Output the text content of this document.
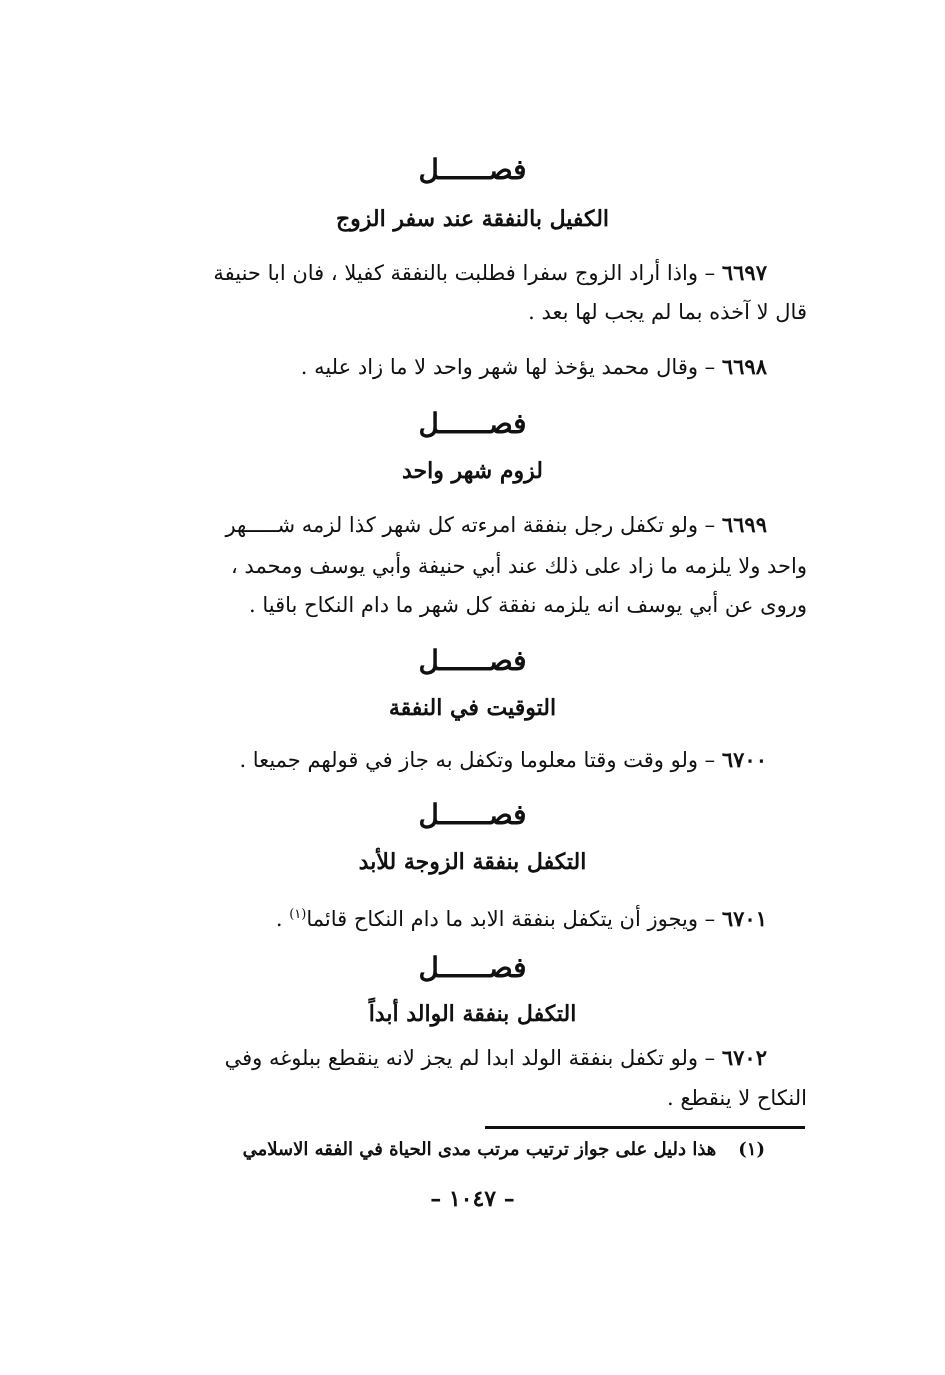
فصــــــل
الكفيل بالنفقة عند سفر الزوج
٦٦٩٧ – واذا أراد الزوج سفرا فطلبت بالنفقة كفيلا ، فان ابا حنيفة
قال لا آخذه بما لم يجب لها بعد .
٦٦٩٨ – وقال محمد يؤخذ لها شهر واحد لا ما زاد عليه .
فصــــــل
لزوم شهر واحد
٦٦٩٩ – ولو تكفل رجل بنفقة امرءته كل شهر كذا لزمه شـــــهر
واحد ولا يلزمه ما زاد على ذلك عند أبي حنيفة وأبي يوسف ومحمد ،
وروى عن أبي يوسف انه يلزمه نفقة كل شهر ما دام النكاح باقيا .
فصــــــل
التوقيت في النفقة
٦٧٠٠ – ولو وقت وقتا معلوما وتكفل به جاز في قولهم جميعا .
فصــــــل
التكفل بنفقة الزوجة للأبد
٦٧٠١ – ويجوز أن يتكفل بنفقة الابد ما دام النكاح قائما$^{(١)}$ .
فصــــــل
التكفل بنفقة الوالد أبداً
٦٧٠٢ – ولو تكفل بنفقة الولد ابدا لم يجز لانه ينقطع ببلوغه وفي
النكاح لا ينقطع .
(١)هذا دليل على جواز ترتيب مرتب مدى الحياة في الفقه الاسلامي
– ١٠٤٧ –
